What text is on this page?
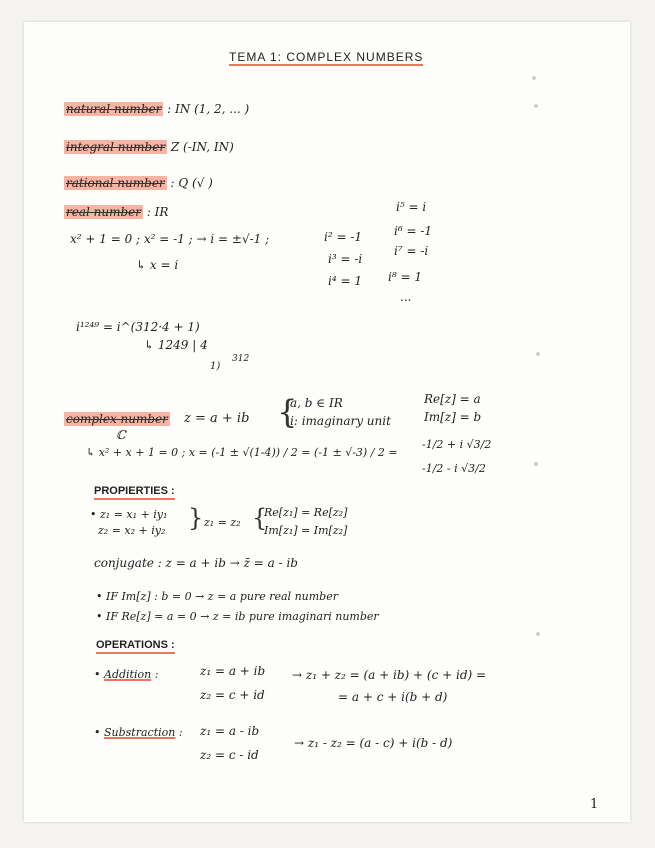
TEMA 1: COMPLEX NUMBERS
natural number : IN (1, 2, ... )
integral number Z (-IN, IN)
rational number : Q (√ )
real number : IR
x² + 1 = 0 ; x² = -1 ; → i = ±√-1 ;
↳ x = i
i² = -1
i³ = -i
i⁴ = 1
i⁵ = i
i⁶ = -1
i⁷ = -i
i⁸ = 1
...
i¹²⁴⁹ = i^(312·4 + 1)
↳ 1249 | 4
312
1)
complex number
ℂ
z = a + ib {
a, b ∈ IR
i: imaginary unit
Re[z] = a
Im[z] = b
↳ x² + x + 1 = 0 ; x = (-1 ± √(1-4)) / 2 = (-1 ± √-3) / 2 =
-1/2 + i √3/2
-1/2 - i √3/2
PROPIERTIES :
• z₁ = x₁ + iy₁
z₂ = x₂ + iy₂ } z₁ = z₂ {
Re[z₁] = Re[z₂]
Im[z₁] = Im[z₂]
conjugate : z = a + ib → z̄ = a - ib
• IF Im[z] : b = 0 → z = a pure real number
• IF Re[z] = a = 0 → z = ib pure imaginari number
OPERATIONS :
• Addition :	z₁ = a + ib
z₂ = c + id
→ z₁ + z₂ = (a + ib) + (c + id) =
= a + c + i(b + d)
• Substraction : z₁ = a - ib
z₂ = c - id
→ z₁ - z₂ = (a - c) + i(b - d)
1
